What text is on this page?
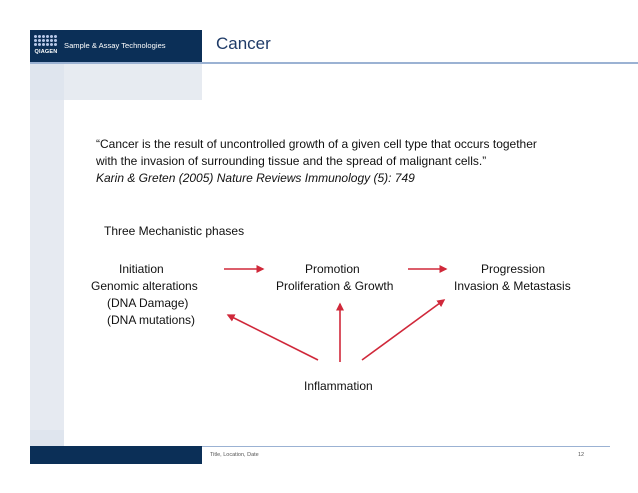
QIAGEN
Sample & Assay Technologies	Cancer
“Cancer is the result of uncontrolled growth of a given cell type that occurs together
with the invasion of surrounding tissue and the spread of malignant cells.”
Karin & Greten (2005) Nature Reviews Immunology (5): 749
Three Mechanistic phases
Initiation
Genomic alterations
(DNA Damage)
(DNA mutations)
Promotion
Proliferation & Growth
Progression
Invasion & Metastasis
Inflammation
Title, Location, Date	12
